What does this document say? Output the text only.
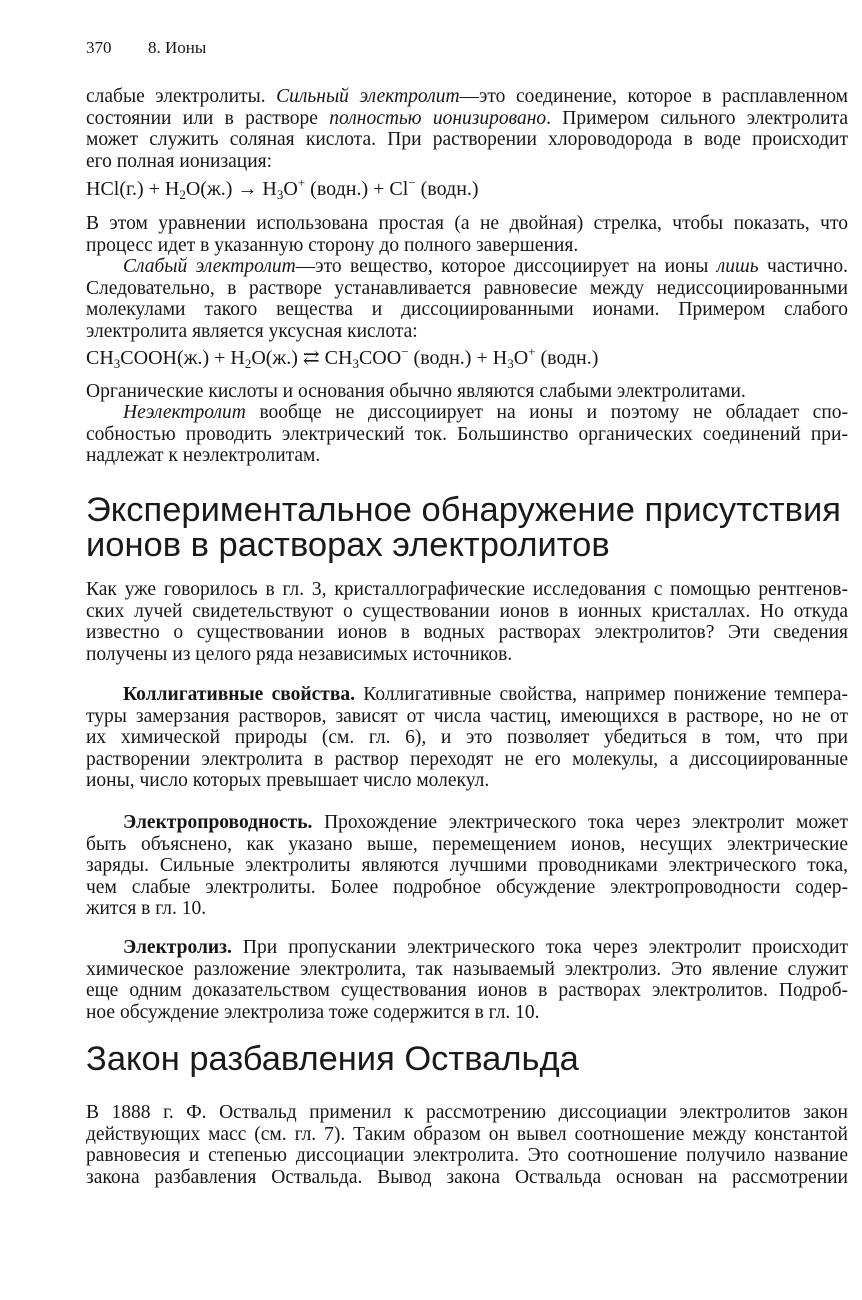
370 8. Ионы
слабые электролиты. Сильный электролит—это соединение, которое в расплавленном
состоянии или в растворе полностью ионизировано. Примером сильного электролита
может служить соляная кислота. При растворении хлороводорода в воде происходит
его полная ионизация:
$HCl(г.) + H_2O(ж.) \to H_3O^+$ (водн.) + Cl− (водн.)
В этом уравнении использована простая (а не двойная) стрелка, чтобы показать, что
процесс идет в указанную сторону до полного завершения.
Слабый электролит—это вещество, которое диссоциирует на ионы лишь частично.
Следовательно, в растворе устанавливается равновесие между недиссоциированными
молекулами такого вещества и диссоциированными ионами. Примером слабого
электролита является уксусная кислота:
$CH_3COOH(ж.) + H_2O(ж.)$ ⇄ $CH_3COO^-$ (водн.) + $H_3O^+$ (водн.)
Органические кислоты и основания обычно являются слабыми электролитами.
Неэлектролит вообще не диссоциирует на ионы и поэтому не обладает спо-
собностью проводить электрический ток. Большинство органических соединений при-
надлежат к неэлектролитам.
Экспериментальное обнаружение присутствия
ионов в растворах электролитов
Как уже говорилось в гл. 3, кристаллографические исследования с помощью рентгенов-
ских лучей свидетельствуют о существовании ионов в ионных кристаллах. Но откуда
известно о существовании ионов в водных растворах электролитов? Эти сведения
получены из целого ряда независимых источников.
Коллигативные свойства. Коллигативные свойства, например понижение темпера-
туры замерзания растворов, зависят от числа частиц, имеющихся в растворе, но не от
их химической природы (см. гл. 6), и это позволяет убедиться в том, что при
растворении электролита в раствор переходят не его молекулы, а диссоциированные
ионы, число которых превышает число молекул.
Электропроводность. Прохождение электрического тока через электролит может
быть объяснено, как указано выше, перемещением ионов, несущих электрические
заряды. Сильные электролиты являются лучшими проводниками электрического тока,
чем слабые электролиты. Более подробное обсуждение электропроводности содер-
жится в гл. 10.
Электролиз. При пропускании электрического тока через электролит происходит
химическое разложение электролита, так называемый электролиз. Это явление служит
еще одним доказательством существования ионов в растворах электролитов. Подроб-
ное обсуждение электролиза тоже содержится в гл. 10.
Закон разбавления Оствальда
В 1888 г. Ф. Оствальд применил к рассмотрению диссоциации электролитов закон
действующих масс (см. гл. 7). Таким образом он вывел соотношение между константой
равновесия и степенью диссоциации электролита. Это соотношение получило название
закона разбавления Оствальда. Вывод закона Оствальда основан на рассмотрении
